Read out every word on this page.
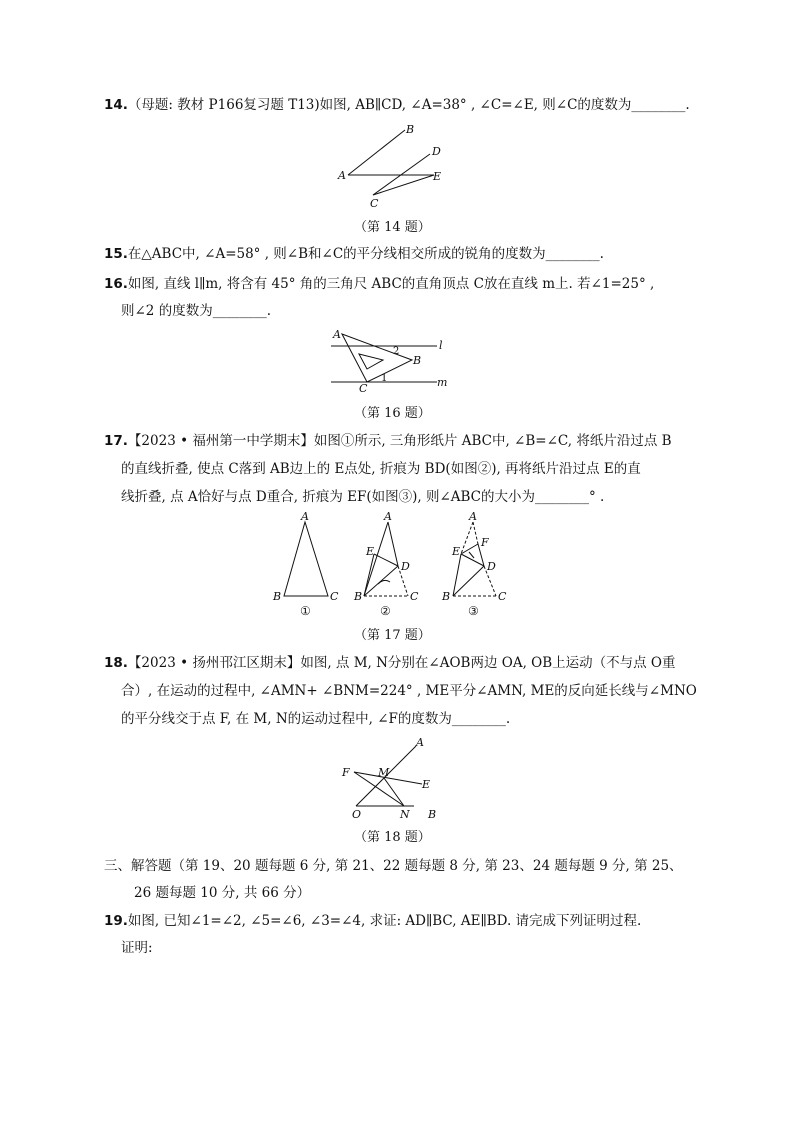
14.（母题: 教材 P166复习题 T13)如图, AB∥CD, ∠A=38° , ∠C=∠E, 则∠C的度数为________.
B
D
A	E
C
（第 14 题）
15.在△ABC中, ∠A=58° , 则∠B和∠C的平分线相交所成的锐角的度数为________.
16.如图, 直线 l∥m, 将含有 45° 角的三角尺 ABC的直角顶点 C放在直线 m上. 若∠1=25° ,
则∠2 的度数为________.
A
l
2
B
1	m
C
（第 16 题）
17.【2023 • 福州第一中学期末】如图①所示, 三角形纸片 ABC中, ∠B=∠C, 将纸片沿过点 B
的直线折叠, 使点 C落到 AB边上的 E点处, 折痕为 BD(如图②), 再将纸片沿过点 E的直
线折叠, 点 A恰好与点 D重合, 折痕为 EF(如图③), 则∠ABC的大小为________° .
A
B	C
①
A
E
D
B	C
②
A
E
F
D
B	C
③
（第 17 题）
18.【2023 • 扬州邗江区期末】如图, 点 M, N分别在∠AOB两边 OA, OB上运动（不与点 O重
合）, 在运动的过程中, ∠AMN+ ∠BNM=224° , ME平分∠AMN, ME的反向延长线与∠MNO
的平分线交于点 F, 在 M, N的运动过程中, ∠F的度数为________.
A
F	M
E
O	N B
（第 18 题）
三、解答题（第 19、20 题每题 6 分, 第 21、22 题每题 8 分, 第 23、24 题每题 9 分, 第 25、
26 题每题 10 分, 共 66 分）
19.如图, 已知∠1=∠2, ∠5=∠6, ∠3=∠4, 求证: AD∥BC, AE∥BD. 请完成下列证明过程.
证明:
